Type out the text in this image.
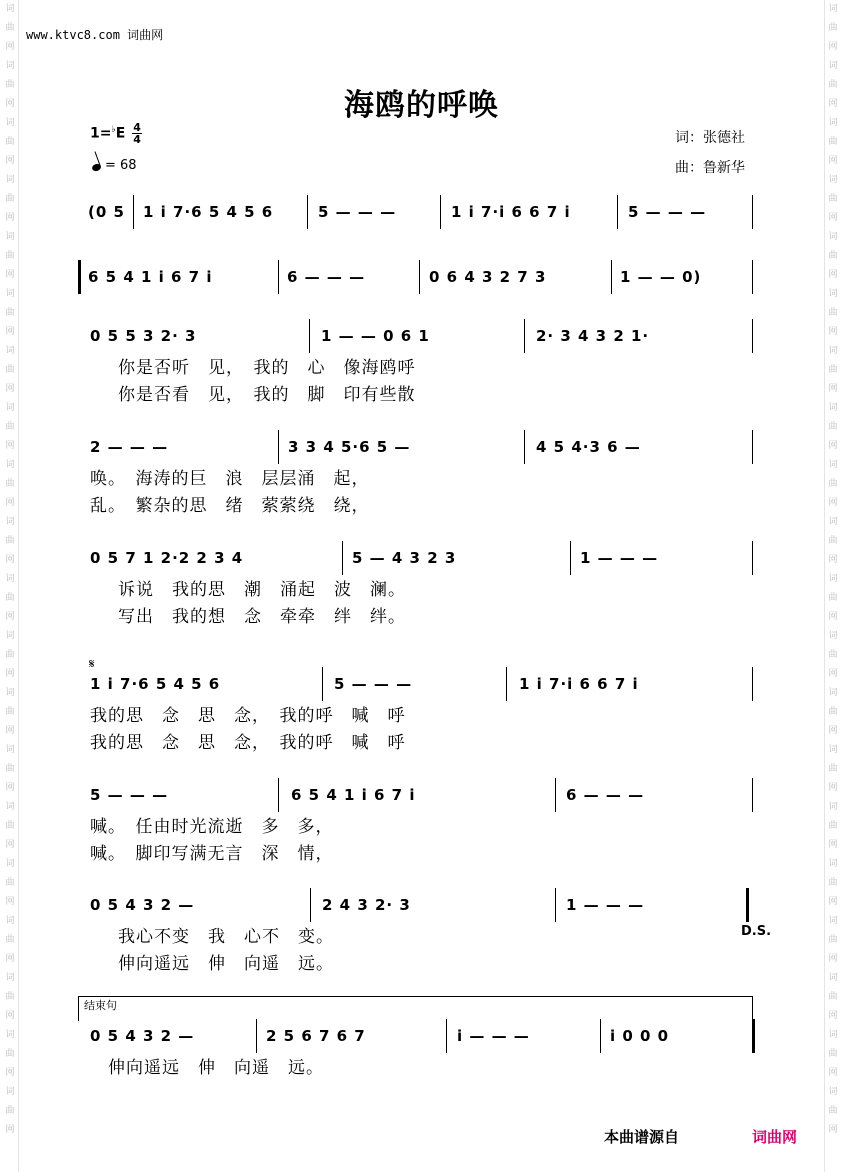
词
曲
网
词
曲
网
词
曲
网
词
曲
网
词
曲
网
词
曲
网
词
曲
网
词
曲
网
词
曲
网
词
曲
网
词
曲
网
词
曲
网
词
曲
网
词
曲
网
词
曲
网
词
曲
网
词
曲
网
词
曲
网
词
曲
网
词
曲
网
词
曲
网
词
曲
网
词
曲
网
词
曲
网
词
曲
网
词
曲
网
词
曲
网
词
曲
网
词
曲
网
词
曲
网
词
曲
网
词
曲
网
词
曲
网
词
曲
网
词
曲
网
词
曲
网
词
曲
网
词
曲
网
词
曲
网
词
曲
网
www.ktvc8.com 词曲网
海鸥的呼唤
$1=^♭E \frac{4}{4}$
= 68
词：张德社
曲：鲁新华
(0 5 1 i 7·6 5 4 5 6	5 — — —	1 i 7·i 6 6 7 i	5 — — —
6 5 4 1 i 6 7 i	6 — — —	0 6 4 3 2 7 3	1 — — 0)
0 5 5 3 2· 3	1 — — 0 6 1	2· 3 4 3 2 1·
你是否听　见，　我的　心　像海鸥呼
你是否看　见，　我的　脚　印有些散
2 — — —	3 3 4 5·6 5 —	4 5 4·3 6 —
唤。　海涛的巨　浪　层层涌　起，
乱。　繁杂的思　绪　萦萦绕　绕，
0 5 7 1 2·2 2 3 4	5 — 4 3 2 3	1 — — —
诉说　我的思　潮　涌起　波　澜。
写出　我的想　念　牵牵　绊　绊。
1 i 7·6 5 4 5 6	5 — — —	1 i 7·i 6 6 7 i
我的思　念　思　念，　我的呼　喊　呼
我的思　念　思　念，　我的呼　喊　呼
5 — — —	6 5 4 1 i 6 7 i	6 — — —
喊。　任由时光流逝　多　多，
喊。　脚印写满无言　深　情，
0 5 4 3 2 —	2 4 3 2· 3	1 — — —
我心不变　我　心不　变。
伸向遥远　伸　向遥　远。
0 5 4 3 2 —	2 5 6 7 6 7	i — — —	i 0 0 0
伸向遥远　伸　向遥　远。
𝄋
D.S.
结束句
本曲谱源自	词曲网
